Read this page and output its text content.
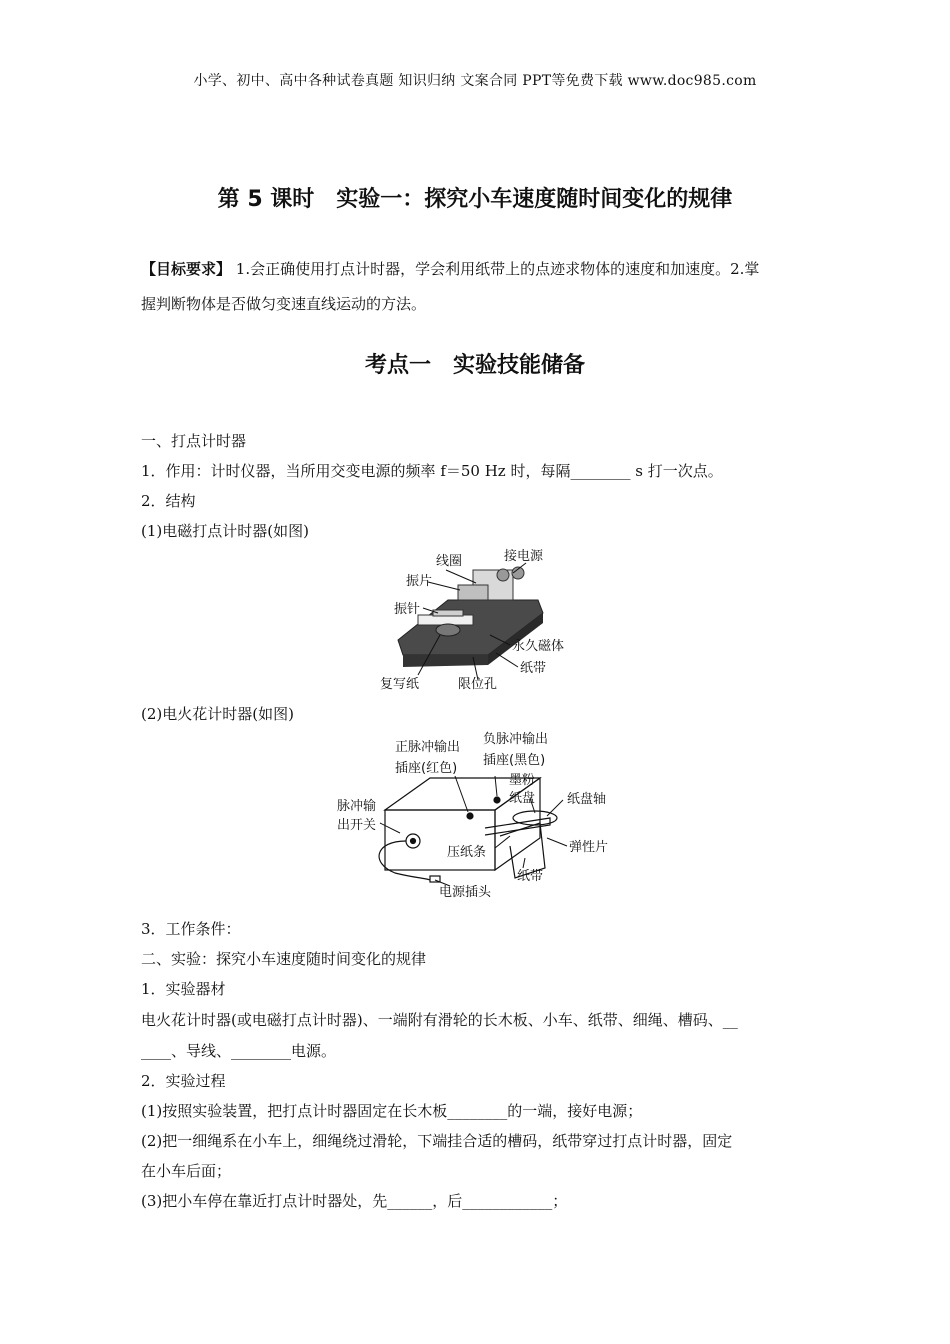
小学、初中、高中各种试卷真题 知识归纳 文案合同 PPT等免费下载 www.doc985.com
第 5 课时　实验一：探究小车速度随时间变化的规律
【目标要求】 1.会正确使用打点计时器，学会利用纸带上的点迹求物体的速度和加速度。2.掌
握判断物体是否做匀变速直线运动的方法。
考点一　实验技能储备
一、打点计时器
1．作用：计时仪器，当所用交变电源的频率 f＝50 Hz 时，每隔________ s 打一次点。
2．结构
(1)电磁打点计时器(如图)
线圈	接电源
振片
振针
永久磁体
纸带
复写纸	限位孔
(2)电火花计时器(如图)
正脉冲输出
插座(红色)
负脉冲输出
插座(黑色)
墨粉
纸盘 纸盘轴
脉冲输
出开关
弹性片
压纸条
纸带
电源插头
3．工作条件：
二、实验：探究小车速度随时间变化的规律
1．实验器材
电火花计时器(或电磁打点计时器)、一端附有滑轮的长木板、小车、纸带、细绳、槽码、__
____、导线、________电源。
2．实验过程
(1)按照实验装置，把打点计时器固定在长木板________的一端，接好电源；
(2)把一细绳系在小车上，细绳绕过滑轮，下端挂合适的槽码，纸带穿过打点计时器，固定
在小车后面；
(3)把小车停在靠近打点计时器处，先______，后____________；
